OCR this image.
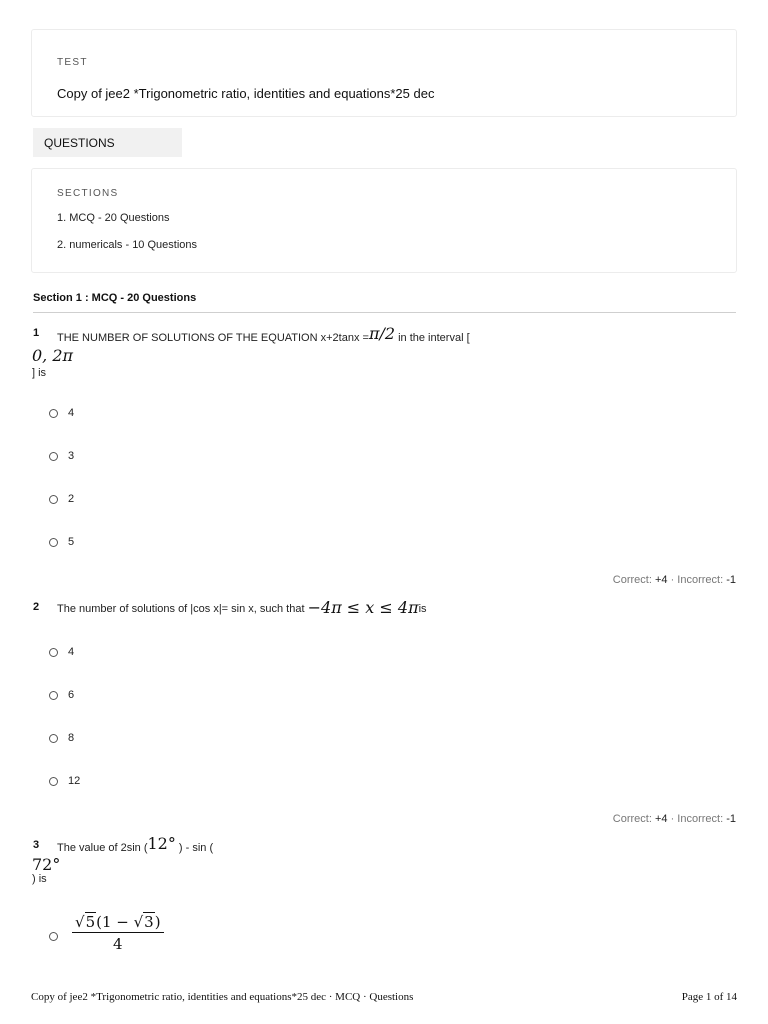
TEST
Copy of jee2 *Trigonometric ratio, identities and equations*25 dec
QUESTIONS
SECTIONS
1. MCQ - 20 Questions
2. numericals - 10 Questions
Section 1 : MCQ - 20 Questions
1 THE NUMBER OF SOLUTIONS OF THE EQUATION x+2tanx =π/2 in the interval [
0, 2π
] is
4
3
2
5
Correct: +4 · Incorrect: -1
2 The number of solutions of |cos x|= sin x, such that −4π ≤ x ≤ 4πis
4
6
8
12
Correct: +4 · Incorrect: -1
3 The value of 2sin (12° ) - sin (
72°
) is
$\frac{√5(1 - √3)}{4}$
Copy of jee2 *Trigonometric ratio, identities and equations*25 dec · MCQ · Questions	Page 1 of 14
